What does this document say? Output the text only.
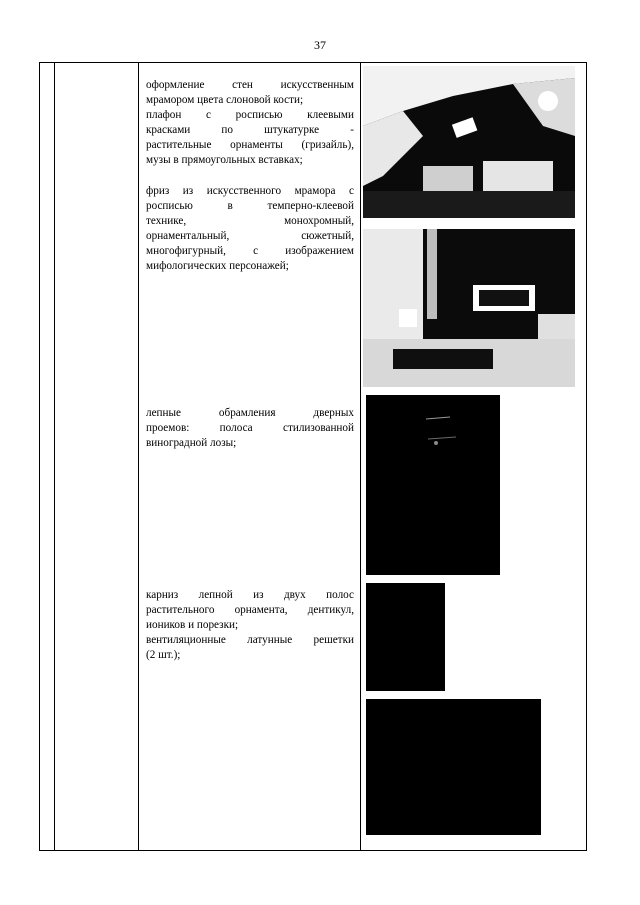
37

оформление стен искусственным

мрамором цвета слоновой кости;

плафон с росписью клеевыми

красками по штукатурке -

растительные орнаменты (гризайль),

музы в прямоугольных вставках;

фриз из искусственного мрамора с

росписью в темперно-клеевой

технике, монохромный,

орнаментальный, сюжетный,

многофигурный, с изображением

мифологических персонажей;

лепные обрамления дверных

проемов: полоса стилизованной

виноградной лозы;

карниз лепной из двух полос

растительного орнамента, дентикул,

иоников и порезки;

вентиляционные латунные решетки

(2 шт.);
